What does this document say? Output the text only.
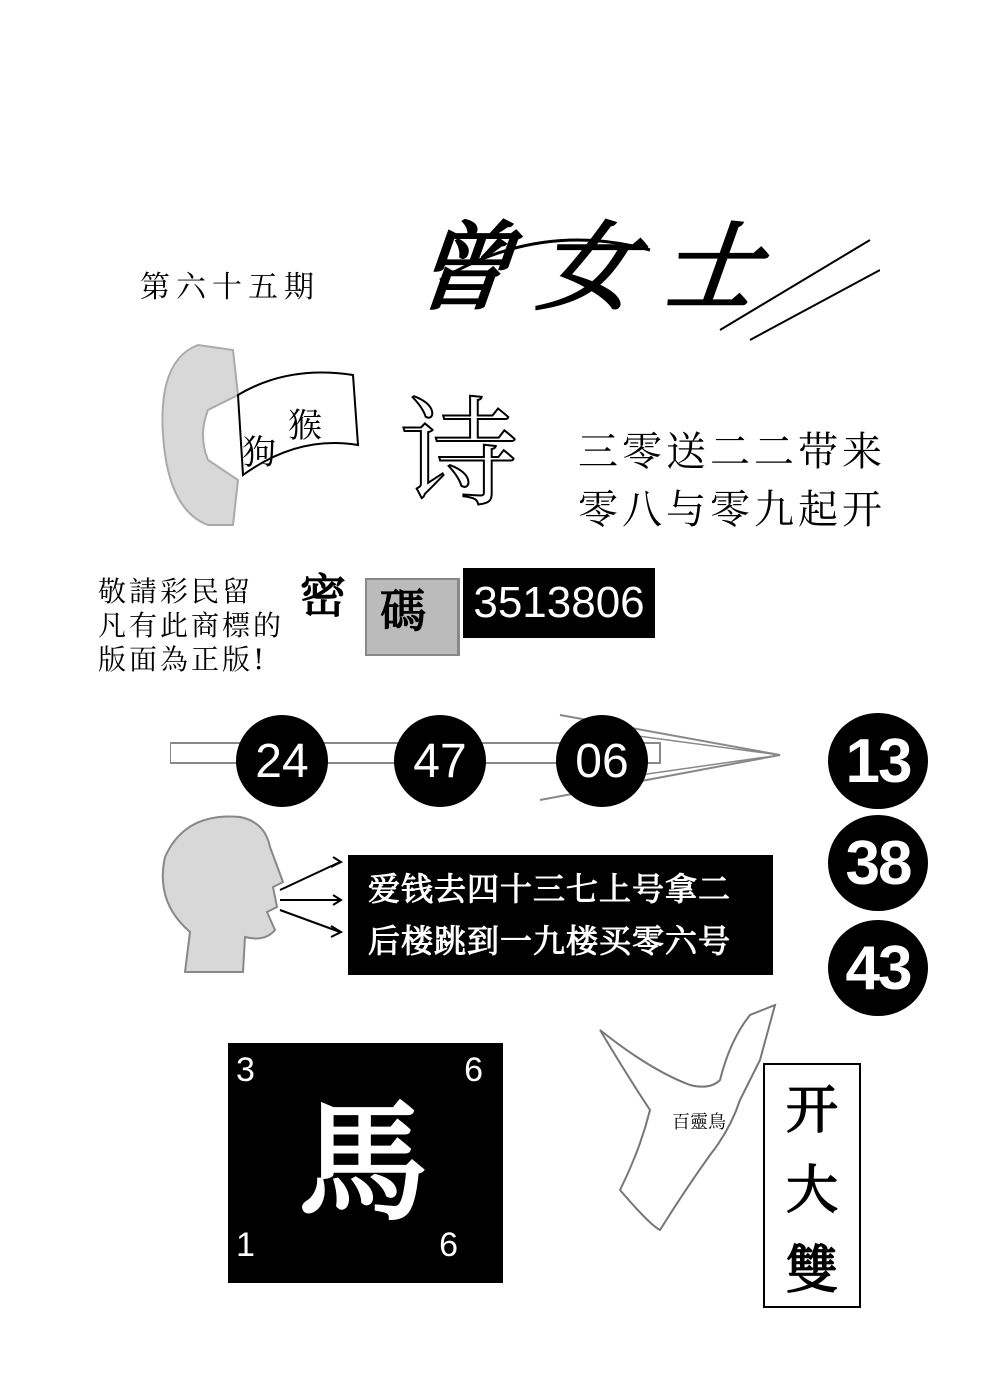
第六十五期 曾女士
狗
猴 诗 三零送二二带来
零八与零九起开
敬請彩民留
凡有此商標的
版面為正版!
密 碼 3513806
24	47	06	13
38
43
爱钱去四十三七上号拿二
后楼跳到一九楼买零六号
3	6
1	6
馬	百靈鳥 开
大
雙
